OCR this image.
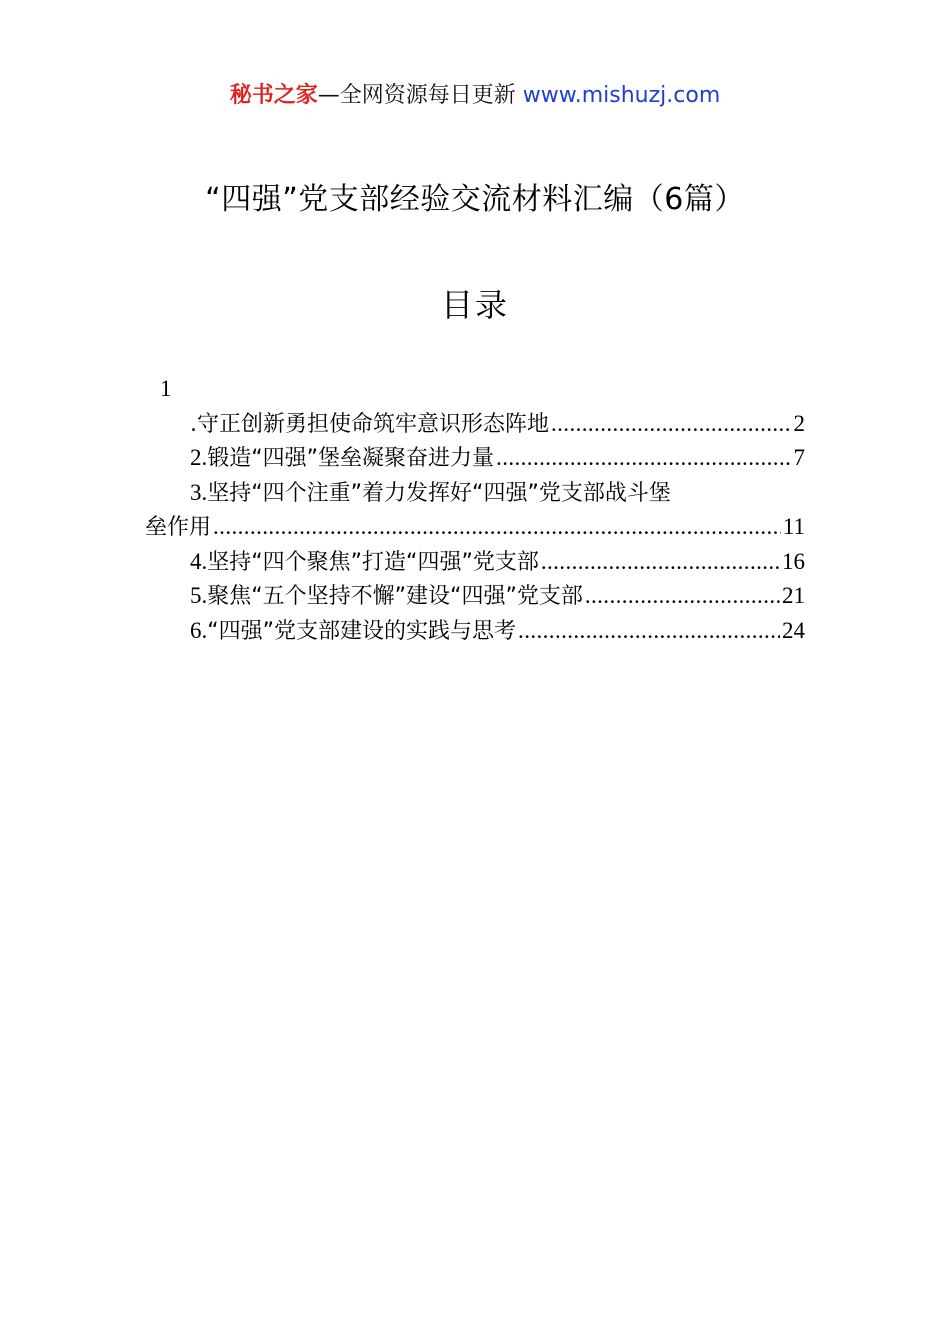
秘书之家—全网资源每日更新 www.mishuzj.com
“四强”党支部经验交流材料汇编（6篇）
目录
1
.守正创新勇担使命筑牢意识形态阵地 .....	2
2. 锻造“四强”堡垒凝聚奋进力量 .....	7
3. 坚持“四个注重”着力发挥好“四强”党支部战斗堡
垒作用 .....	11
4. 坚持“四个聚焦”打造“四强”党支部 .....	16
5. 聚焦“五个坚持不懈”建设“四强”党支部 .....	21
6. “四强”党支部建设的实践与思考 .....	24
